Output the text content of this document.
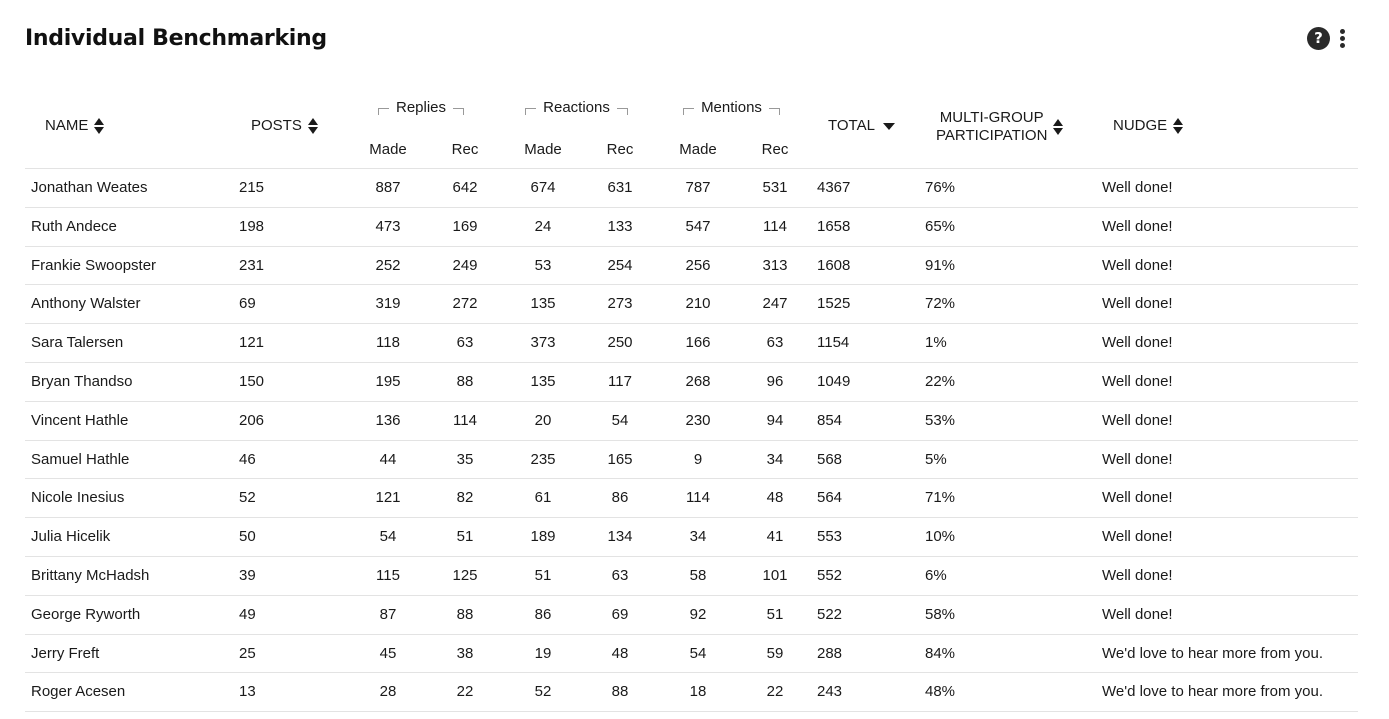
Individual Benchmarking	?
NAME	POSTS
Replies	Reactions	Mentions
Made	Rec	Made	Rec	Made	Rec
TOTAL	MULTI-GROUP
PARTICIPATION
NUDGE
Jonathan Weates	215	887	642	674	631	787	531	4367	76%	Well done!
Ruth Andece	198	473	169	24	133	547	114	1658	65%	Well done!
Frankie Swoopster	231	252	249	53	254	256	313	1608	91%	Well done!
Anthony Walster	69	319	272	135	273	210	247	1525	72%	Well done!
Sara Talersen	121	118	63	373	250	166	63	1154	1%	Well done!
Bryan Thandso	150	195	88	135	117	268	96	1049	22%	Well done!
Vincent Hathle	206	136	114	20	54	230	94	854	53%	Well done!
Samuel Hathle	46	44	35	235	165	9	34	568	5%	Well done!
Nicole Inesius	52	121	82	61	86	114	48	564	71%	Well done!
Julia Hicelik	50	54	51	189	134	34	41	553	10%	Well done!
Brittany McHadsh	39	115	125	51	63	58	101	552	6%	Well done!
George Ryworth	49	87	88	86	69	92	51	522	58%	Well done!
Jerry Freft	25	45	38	19	48	54	59	288	84%	We'd love to hear more from you.
Roger Acesen	13	28	22	52	88	18	22	243	48%	We'd love to hear more from you.
